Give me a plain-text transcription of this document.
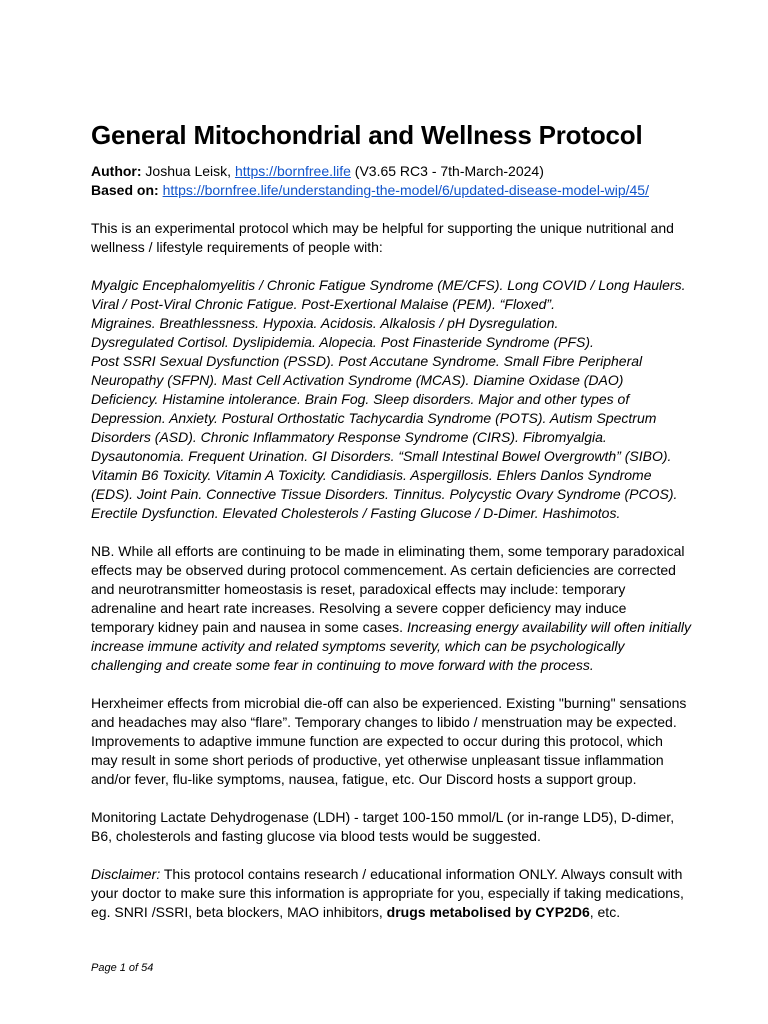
General Mitochondrial and Wellness Protocol
Author: Joshua Leisk, https://bornfree.life (V3.65 RC3 - 7th-March-2024)
Based on: https://bornfree.life/understanding-the-model/6/updated-disease-model-wip/45/

This is an experimental protocol which may be helpful for supporting the unique nutritional and wellness / lifestyle requirements of people with:

Myalgic Encephalomyelitis / Chronic Fatigue Syndrome (ME/CFS). Long COVID / Long Haulers.
Viral / Post-Viral Chronic Fatigue. Post-Exertional Malaise (PEM). “Floxed”.
Migraines. Breathlessness. Hypoxia. Acidosis. Alkalosis / pH Dysregulation.
Dysregulated Cortisol. Dyslipidemia. Alopecia. Post Finasteride Syndrome (PFS).
Post SSRI Sexual Dysfunction (PSSD). Post Accutane Syndrome. Small Fibre Peripheral Neuropathy (SFPN). Mast Cell Activation Syndrome (MCAS). Diamine Oxidase (DAO) Deficiency. Histamine intolerance. Brain Fog. Sleep disorders. Major and other types of Depression. Anxiety. Postural Orthostatic Tachycardia Syndrome (POTS). Autism Spectrum Disorders (ASD). Chronic Inflammatory Response Syndrome (CIRS). Fibromyalgia. Dysautonomia. Frequent Urination. GI Disorders. “Small Intestinal Bowel Overgrowth” (SIBO). Vitamin B6 Toxicity. Vitamin A Toxicity. Candidiasis. Aspergillosis. Ehlers Danlos Syndrome (EDS). Joint Pain. Connective Tissue Disorders. Tinnitus. Polycystic Ovary Syndrome (PCOS). Erectile Dysfunction. Elevated Cholesterols / Fasting Glucose / D-Dimer. Hashimotos.

NB. While all efforts are continuing to be made in eliminating them, some temporary paradoxical effects may be observed during protocol commencement. As certain deficiencies are corrected and neurotransmitter homeostasis is reset, paradoxical effects may include: temporary adrenaline and heart rate increases. Resolving a severe copper deficiency may induce temporary kidney pain and nausea in some cases. Increasing energy availability will often initially increase immune activity and related symptoms severity, which can be psychologically challenging and create some fear in continuing to move forward with the process.

Herxheimer effects from microbial die-off can also be experienced. Existing "burning" sensations and headaches may also “flare”. Temporary changes to libido / menstruation may be expected. Improvements to adaptive immune function are expected to occur during this protocol, which may result in some short periods of productive, yet otherwise unpleasant tissue inflammation and/or fever, flu-like symptoms, nausea, fatigue, etc. Our Discord hosts a support group.

Monitoring Lactate Dehydrogenase (LDH) - target 100-150 mmol/L (or in-range LD5), D-dimer, B6, cholesterols and fasting glucose via blood tests would be suggested.

Disclaimer: This protocol contains research / educational information ONLY. Always consult with your doctor to make sure this information is appropriate for you, especially if taking medications, eg. SNRI /SSRI, beta blockers, MAO inhibitors, drugs metabolised by CYP2D6, etc.

Page 1 of 54
